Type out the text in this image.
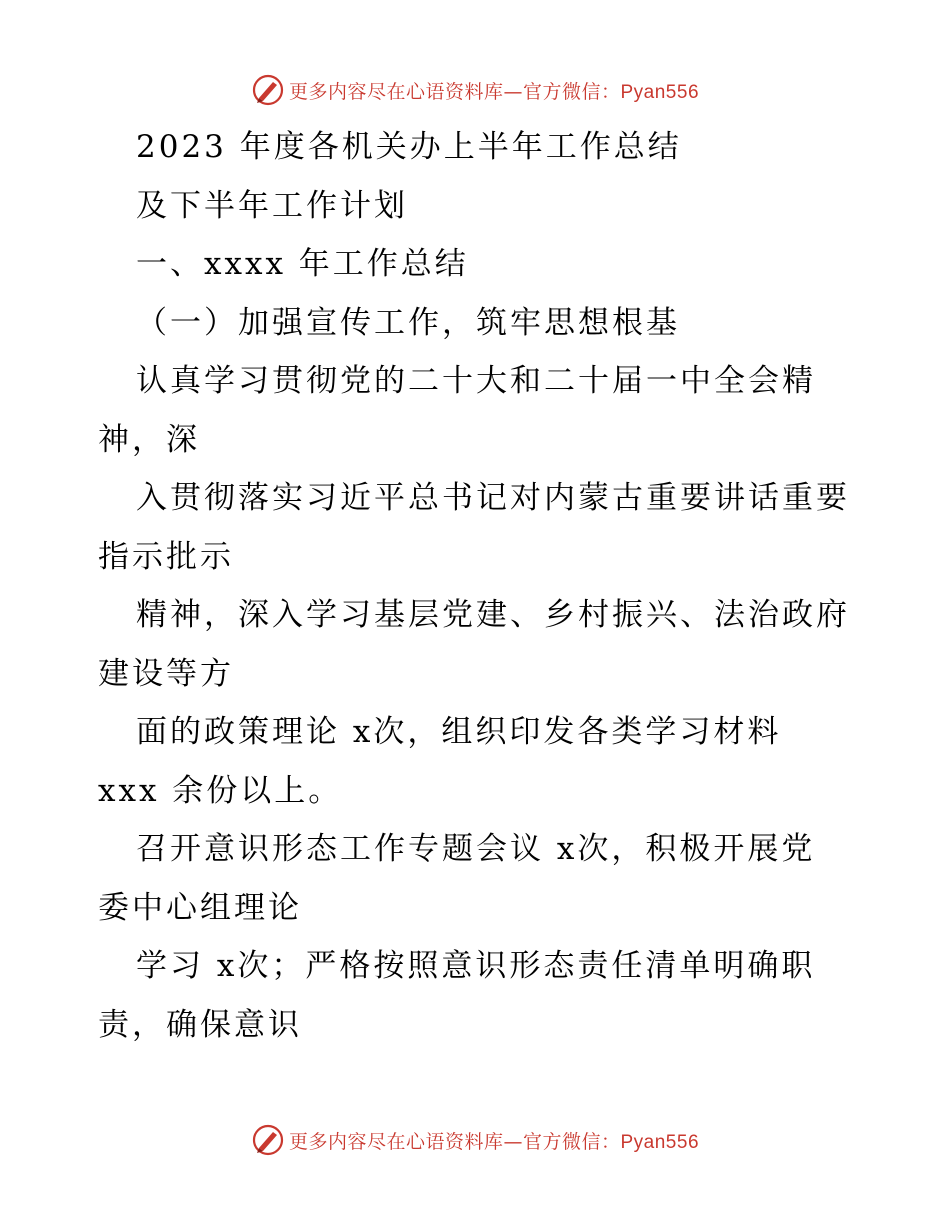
更多内容尽在心语资料库—官方微信：Pyan556
2023 年度各机关办上半年工作总结
及下半年工作计划
一、xxxx 年工作总结
（一）加强宣传工作，筑牢思想根基
认真学习贯彻党的二十大和二十届一中全会精
神，深
入贯彻落实习近平总书记对内蒙古重要讲话重要
指示批示
精神，深入学习基层党建、乡村振兴、法治政府
建设等方
面的政策理论 x次，组织印发各类学习材料
xxx 余份以上。
召开意识形态工作专题会议 x次，积极开展党
委中心组理论
学习 x次；严格按照意识形态责任清单明确职
责，确保意识
更多内容尽在心语资料库—官方微信：Pyan556
